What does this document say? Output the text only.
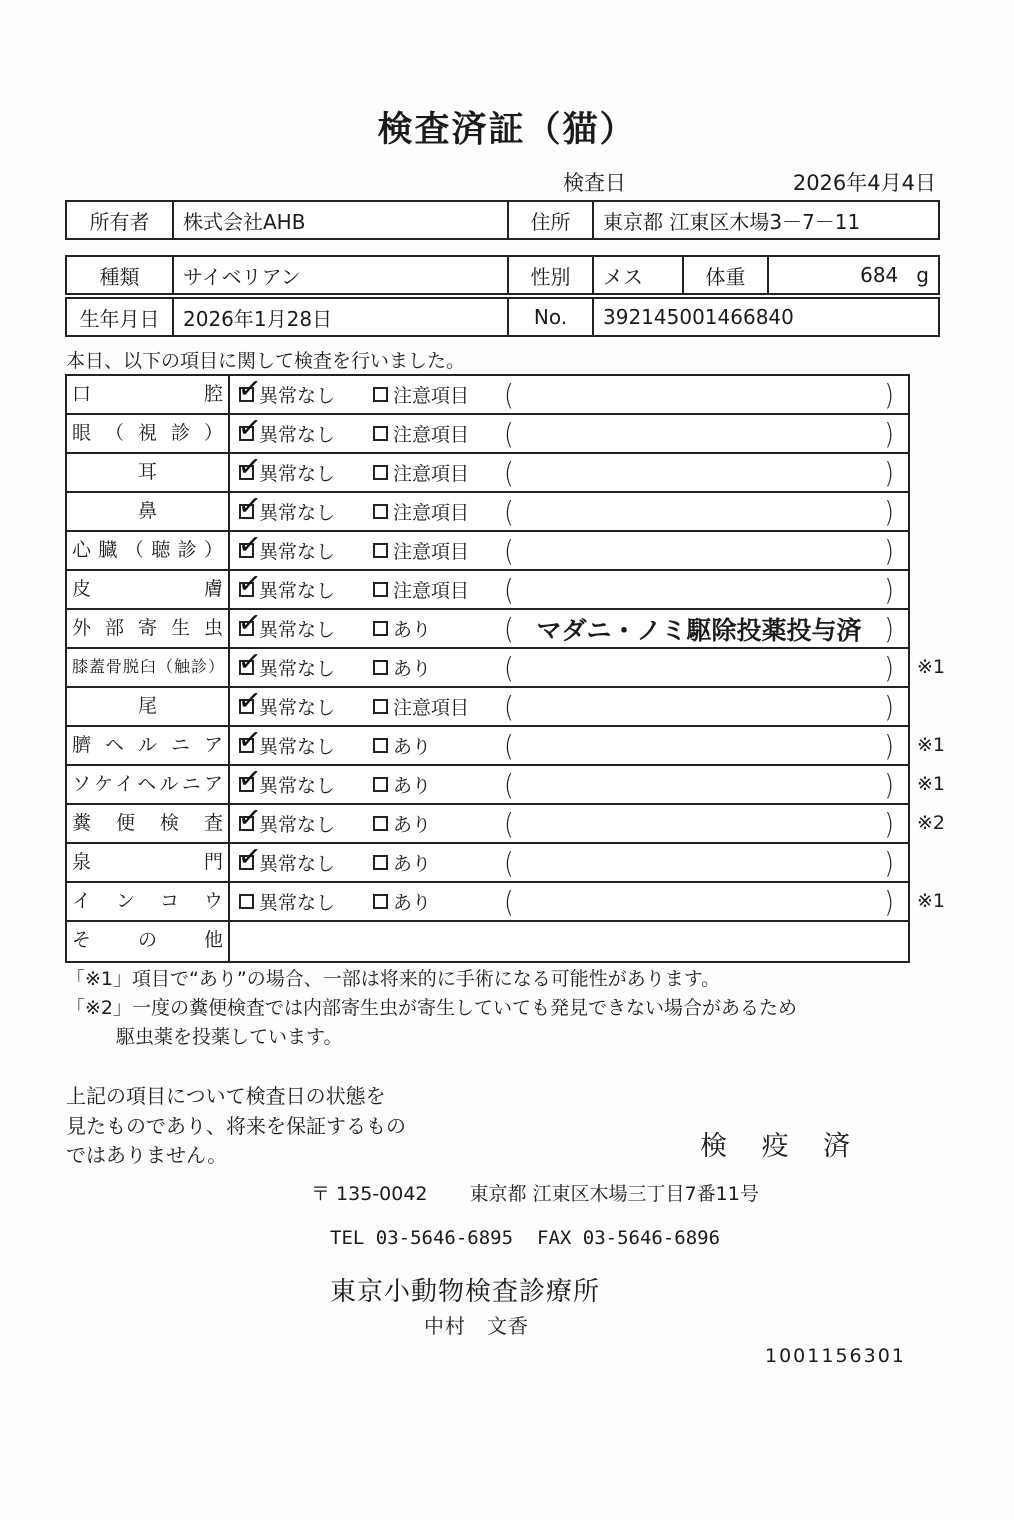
検査済証（猫）
検査日	2026年4月4日
所有者	株式会社AHB	住所	東京都 江東区木場3－7－11
種類	サイベリアン	性別	メス	体重	684 g
生年月日	2026年1月28日	No.	392145001466840
本日、以下の項目に関して検査を行いました。
口腔 ✓	異常なし	注意項目 (	)
眼（視診） ✓	異常なし	注意項目 (	)
耳 ✓	異常なし	注意項目 (	)
鼻 ✓	異常なし	注意項目 (	)
心臓（聴診） ✓	異常なし	注意項目 (	)
皮膚 ✓	異常なし	注意項目 (	)
外部寄生虫 ✓	異常なし	あり	( マダニ・ノミ駆除投薬投与済 )
膝蓋骨脱臼（触診） ✓	異常なし	あり	(	) ※1
尾 ✓	異常なし	注意項目 (	)
臍ヘルニア ✓	異常なし	あり	(	) ※1
ソケイヘルニア ✓	異常なし	あり	(	) ※1
糞便検査 ✓	異常なし	あり	(	) ※2
泉門 ✓	異常なし	あり	(	)
インコウ	異常なし	あり	(	) ※1
その他
「※1」項目で“あり”の場合、一部は将来的に手術になる可能性があります。
「※2」一度の糞便検査では内部寄生虫が寄生していても発見できない場合があるため
駆虫薬を投薬しています。
上記の項目について検査日の状態を
見たものであり、将来を保証するもの
ではありません。	検 疫 済
〒 135-0042 東京都 江東区木場三丁目7番11号
TEL 03-5646-6895 FAX 03-5646-6896
東京小動物検査診療所
中村　文香
1001156301
